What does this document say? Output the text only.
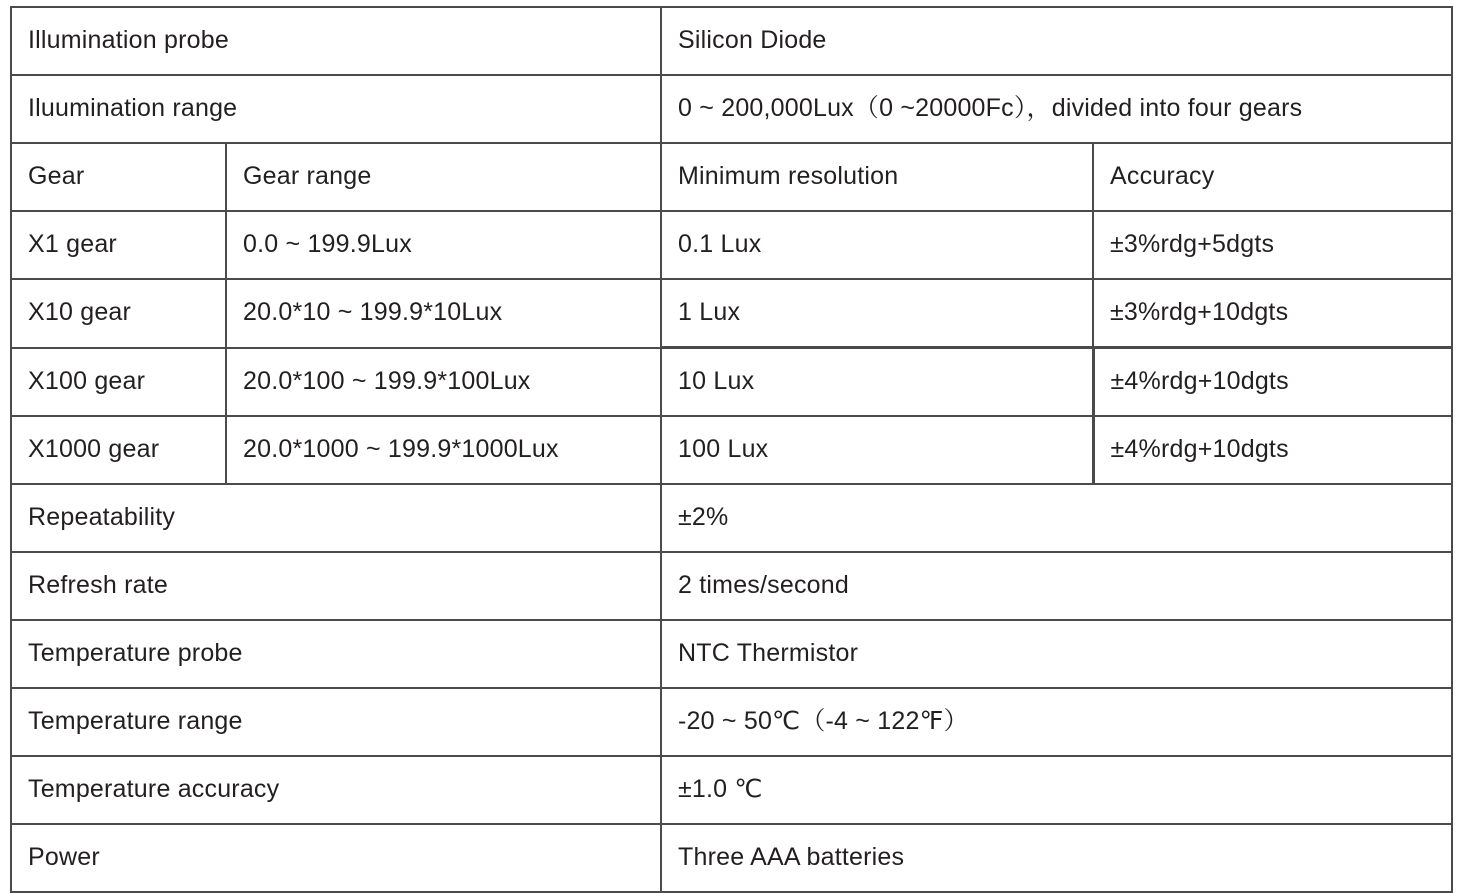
Illumination probe		Silicon Diode	
Iluumination range		0 ~ 200,000Lux（0 ~20000Fc），divided into four gears	
Gear	Gear range	Minimum resolution	Accuracy
X1 gear	0.0 ~ 199.9Lux	0.1 Lux	±3%rdg+5dgts
X10 gear	20.0*10 ~ 199.9*10Lux	1 Lux	±3%rdg+10dgts
X100 gear	20.0*100 ~ 199.9*100Lux	10 Lux	±4%rdg+10dgts
X1000 gear	20.0*1000 ~ 199.9*1000Lux	100 Lux	±4%rdg+10dgts
Repeatability		±2%	
Refresh rate		2 times/second	
Temperature probe		NTC Thermistor	
Temperature range		-20 ~ 50℃（-4 ~ 122℉）	
Temperature accuracy		±1.0 ℃	
Power		Three AAA batteries	
